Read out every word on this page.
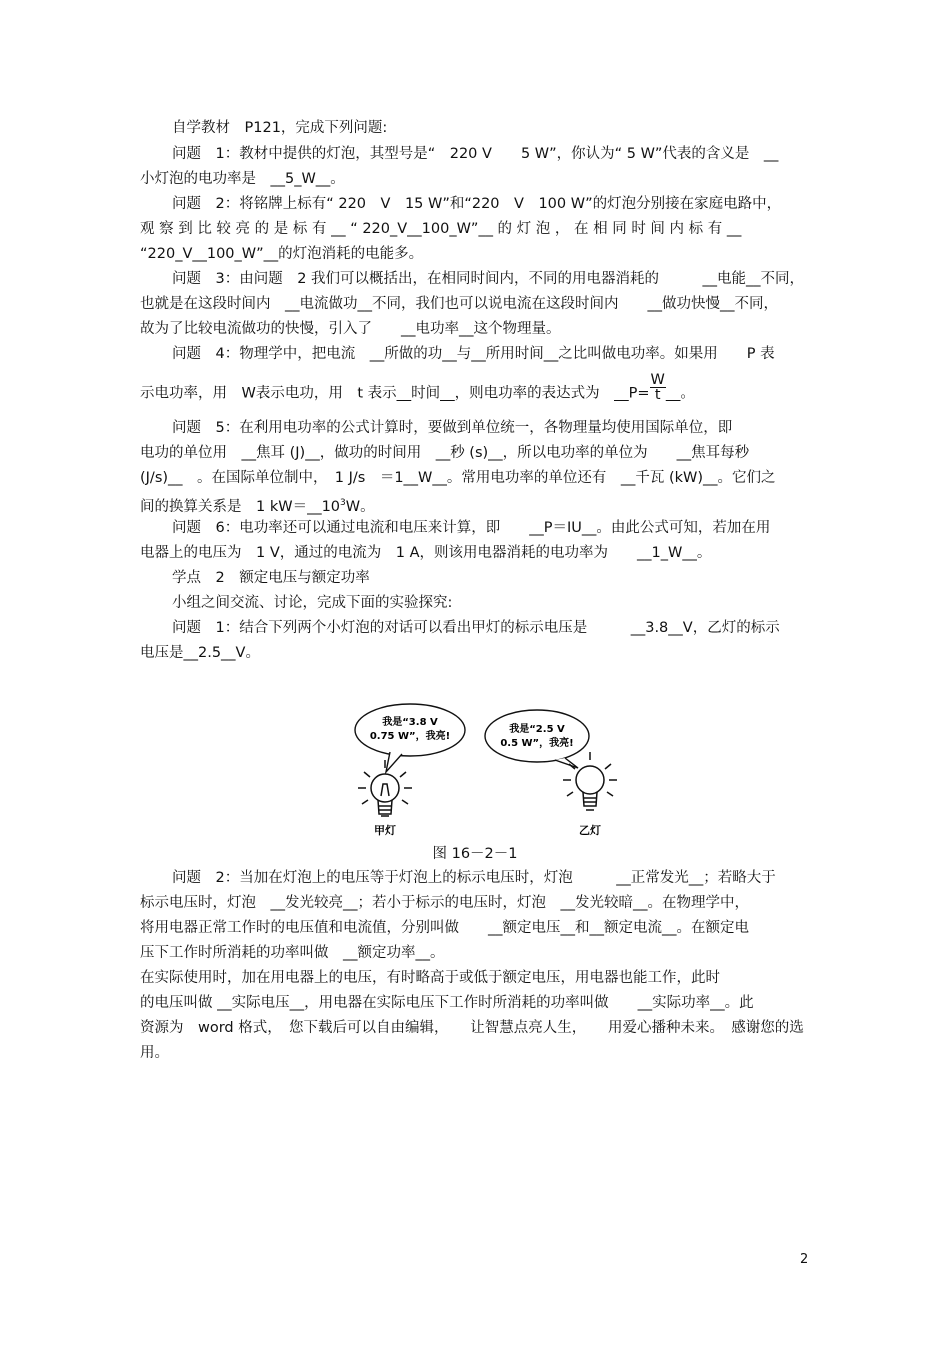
自学教材　P121，完成下列问题:
问题　1：教材中提供的灯泡，其型号是“　220 V　　5 W”，你认为“ 5 W”代表的含义是　__
小灯泡的电功率是　__5_W__。
问题　2：将铭牌上标有“ 220　V　15 W”和“220　V　100 W”的灯泡分别接在家庭电路中，
观 察 到 比 较 亮 的 是 标 有 __ “ 220_V__100_W”__ 的 灯 泡 ， 在 相 同 时 间 内 标 有 __
“220_V__100_W”__的灯泡消耗的电能多。
问题　3：由问题　2 我们可以概括出，在相同时间内，不同的用电器消耗的　　　__电能__不同，
也就是在这段时间内　__电流做功__不同，我们也可以说电流在这段时间内　　__做功快慢__不同，
故为了比较电流做功的快慢，引入了　　__电功率__这个物理量。
问题　4：物理学中，把电流　__所做的功__与__所用时间__之比叫做电功率。如果用　　P 表
示电功率，用　W表示电功，用　t 表示__时间__，则电功率的表达式为　__P= $\frac{W}{t}$ __。
问题　5：在利用电功率的公式计算时，要做到单位统一，各物理量均使用国际单位，即
电功的单位用　__焦耳 (J)__，做功的时间用　__秒 (s)__，所以电功率的单位为　　__焦耳每秒
(J/s)__　。在国际单位制中，　1 J/s　＝1__W__。常用电功率的单位还有　__千瓦 (kW)__。它们之
间的换算关系是　1 $kW=\_\_10^3W$。
问题　6：电功率还可以通过电流和电压来计算，即　　__P＝IU__。由此公式可知，若加在用
电器上的电压为　1 V，通过的电流为　1 A，则该用电器消耗的电功率为　　__1_W__。
学点　2　额定电压与额定功率
小组之间交流、讨论，完成下面的实验探究:
问题　1：结合下列两个小灯泡的对话可以看出甲灯的标示电压是　　　__3.8__V，乙灯的标示
电压是__2.5__V。
我是“3.8 V
0.75 W”，我亮!
我是“2.5 V
0.5 W”，我亮!
甲灯	乙灯
图 16－2－1
问题　2：当加在灯泡上的电压等于灯泡上的标示电压时，灯泡　　　__正常发光__；若略大于
标示电压时，灯泡　__发光较亮__；若小于标示的电压时，灯泡　__发光较暗__。在物理学中，
将用电器正常工作时的电压值和电流值，分别叫做　　__额定电压__和__额定电流__。在额定电
压下工作时所消耗的功率叫做　__额定功率__。
在实际使用时，加在用电器上的电压，有时略高于或低于额定电压，用电器也能工作，此时
的电压叫做 __实际电压__，用电器在实际电压下工作时所消耗的功率叫做　　__实际功率__。此
资源为　word 格式，　您下载后可以自由编辑，　　让智慧点亮人生，　　用爱心播种未来。　感谢您的选
用。
2
